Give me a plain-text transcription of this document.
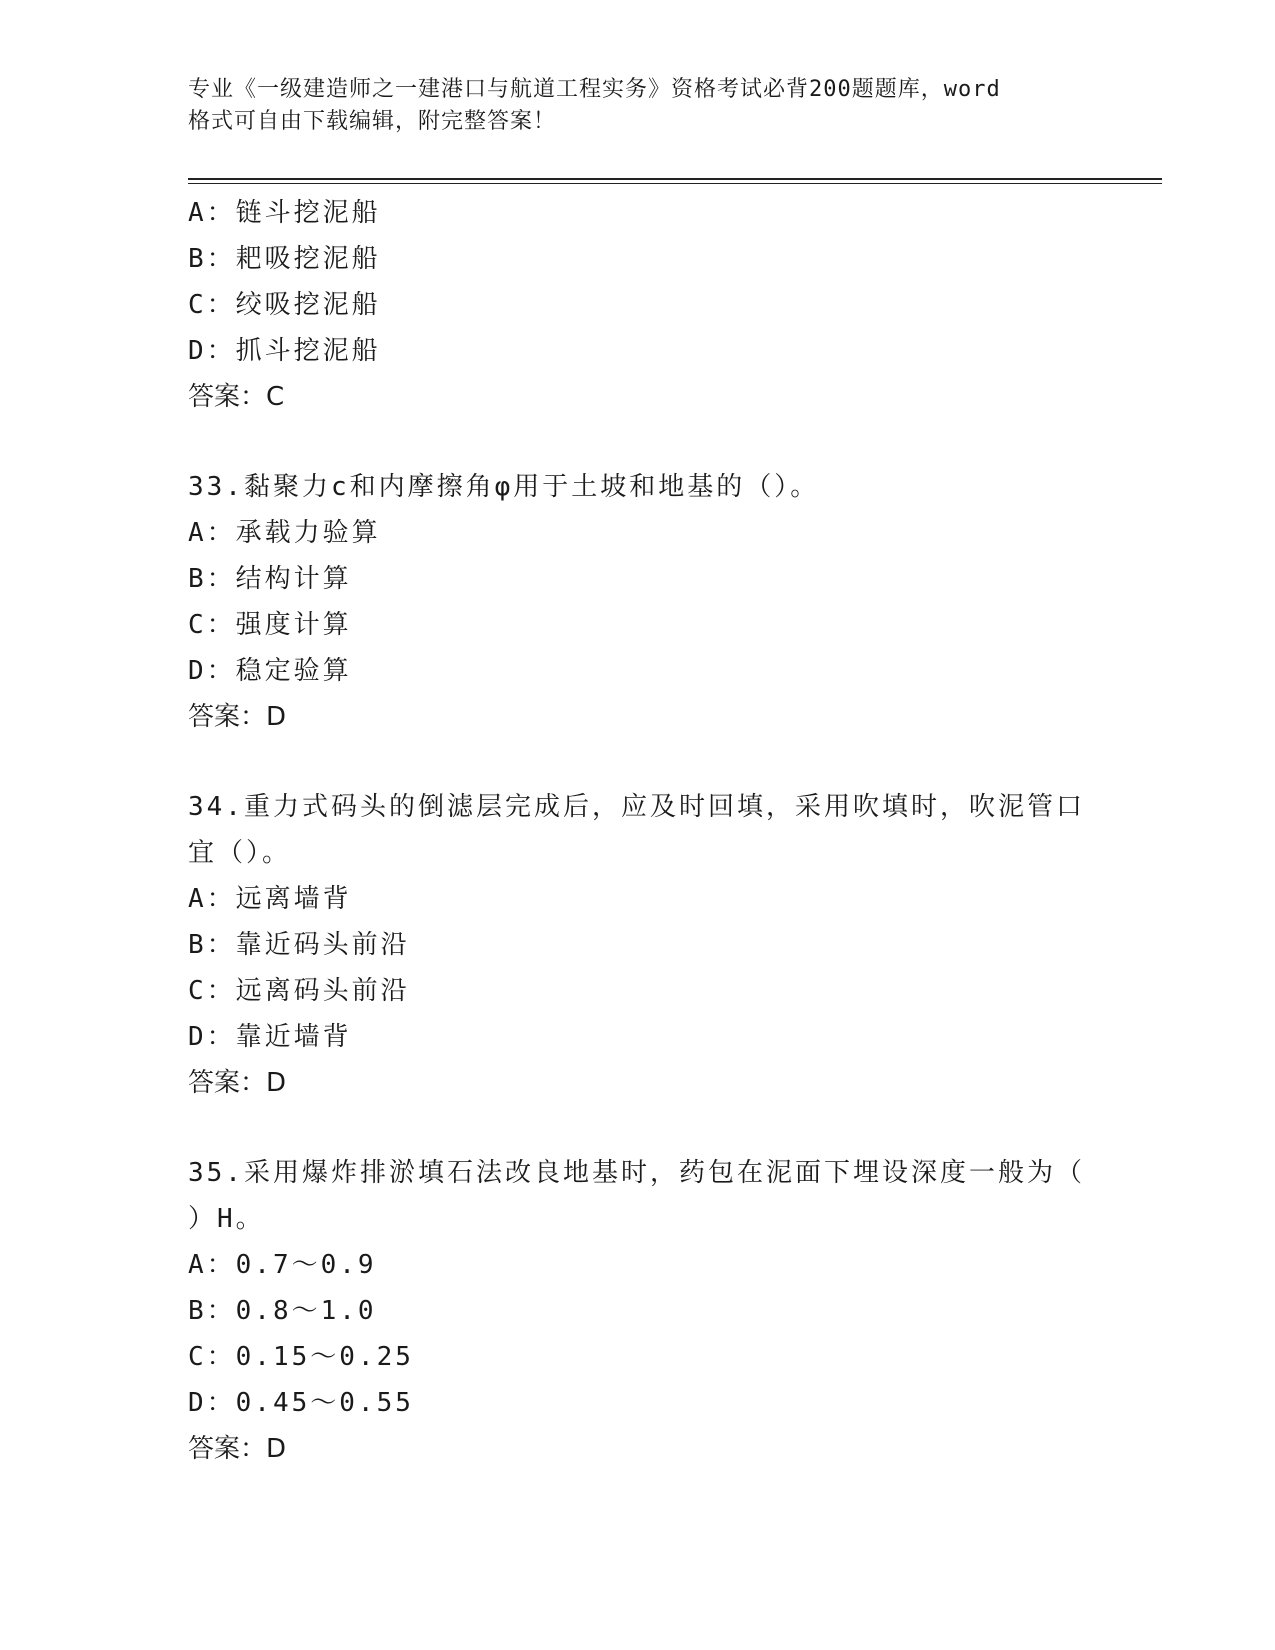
专业《一级建造师之一建港口与航道工程实务》资格考试必背200题题库，word
格式可自由下载编辑，附完整答案！
A：链斗挖泥船
B：耙吸挖泥船
C：绞吸挖泥船
D：抓斗挖泥船
答案：C
33.黏聚力c和内摩擦角φ用于土坡和地基的（）。
A：承载力验算
B：结构计算
C：强度计算
D：稳定验算
答案：D
34.重力式码头的倒滤层完成后，应及时回填，采用吹填时，吹泥管口
宜（）。
A：远离墙背
B：靠近码头前沿
C：远离码头前沿
D：靠近墙背
答案：D
35.采用爆炸排淤填石法改良地基时，药包在泥面下埋设深度一般为（
）H。
A：0.7～0.9
B：0.8～1.0
C：0.15～0.25
D：0.45～0.55
答案：D
